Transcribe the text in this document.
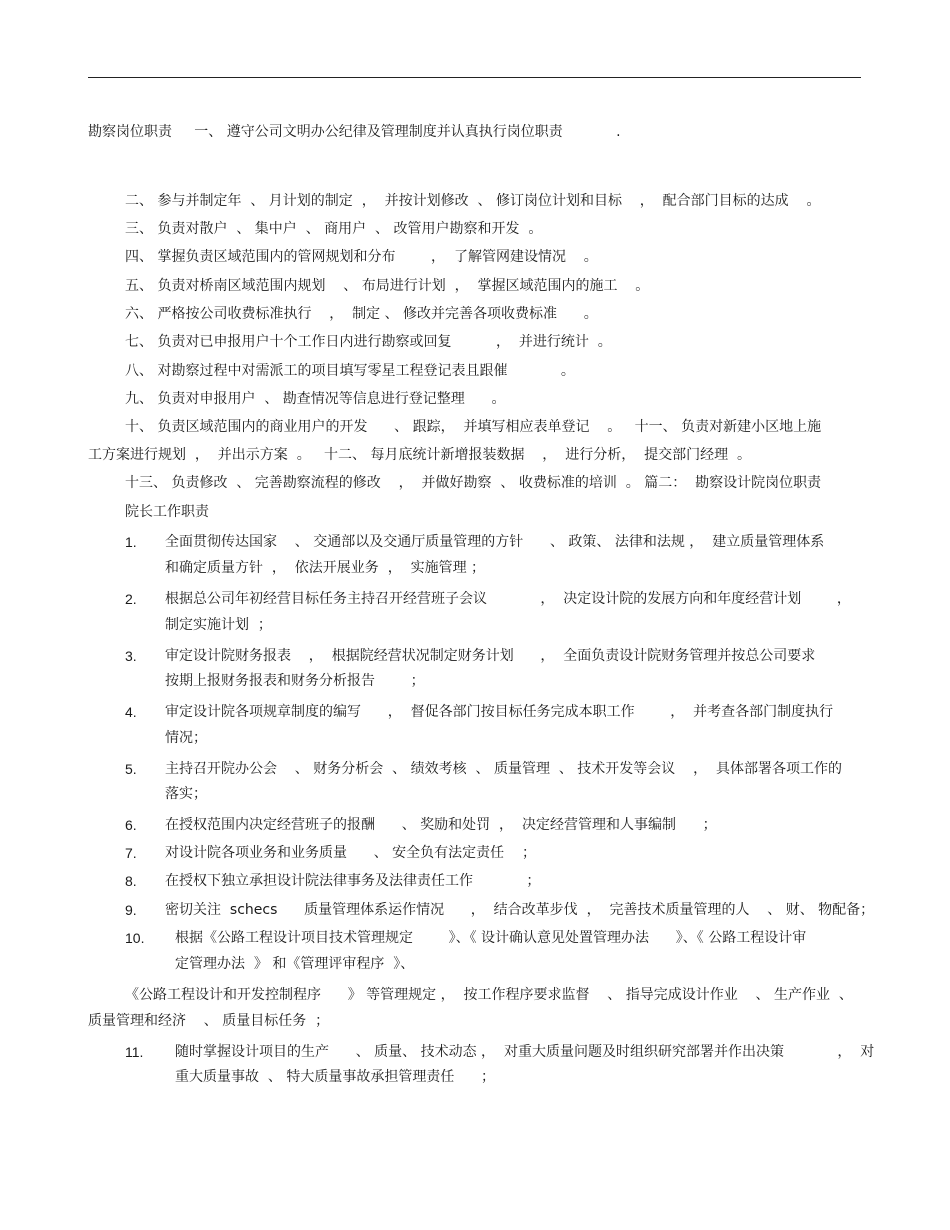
勘察岗位职责     一、 遵守公司文明办公纪律及管理制度并认真执行岗位职责            .
二、 参与并制定年  、 月计划的制定  ，  并按计划修改  、 修订岗位计划和目标    ，  配合部门目标的达成    。
三、 负责对散户  、 集中户  、 商用户  、 改管用户勘察和开发  。
四、 掌握负责区域范围内的管网规划和分布        ，  了解管网建设情况    。
五、 负责对桥南区域范围内规划    、 布局进行计划  ，  掌握区域范围内的施工    。
六、 严格按公司收费标准执行    ，  制定 、 修改并完善各项收费标准      。
七、 负责对已申报用户十个工作日内进行勘察或回复          ，  并进行统计  。
八、 对勘察过程中对需派工的项目填写零星工程登记表且跟催            。
九、 负责对申报用户  、 勘查情况等信息进行登记整理      。
十、 负责区域范围内的商业用户的开发      、 跟踪，  并填写相应表单登记    。   十一、 负责对新建小区地上施
工方案进行规划  ，  并出示方案  。   十二、 每月底统计新增报装数据    ，  进行分析，  提交部门经理  。
十三、 负责修改  、 完善勘察流程的修改    ，  并做好勘察  、 收费标准的培训  。 篇二：  勘察设计院岗位职责
院长工作职责
1. 全面贯彻传达国家    、 交通部以及交通厅质量管理的方针      、 政策、 法律和法规 ，  建立质量管理体系
和确定质量方针  ，  依法开展业务  ，  实施管理 ；
2. 根据总公司年初经营目标任务主持召开经营班子会议            ，  决定设计院的发展方向和年度经营计划        ，
制定实施计划  ；
3. 审定设计院财务报表    ，  根据院经营状况制定财务计划      ，  全面负责设计院财务管理并按总公司要求
按期上报财务报表和财务分析报告        ；
4. 审定设计院各项规章制度的编写      ，  督促各部门按目标任务完成本职工作        ，  并考查各部门制度执行
情况；
5. 主持召开院办公会    、 财务分析会  、 绩效考核  、 质量管理  、 技术开发等会议    ，  具体部署各项工作的
落实；
6. 在授权范围内决定经营班子的报酬      、 奖励和处罚  ，  决定经营管理和人事编制      ；
7. 对设计院各项业务和业务质量      、 安全负有法定责任    ；
8. 在授权下独立承担设计院法律事务及法律责任工作            ；
9. 密切关注  schecs      质量管理体系运作情况      ，  结合改革步伐  ，  完善技术质量管理的人    、 财、 物配备；
10. 根据《公路工程设计项目技术管理规定        》、《 设计确认意见处置管理办法      》、《 公路工程设计审
定管理办法  》 和《管理评审程序  》、
《公路工程设计和开发控制程序      》 等管理规定 ，  按工作程序要求监督    、 指导完成设计作业    、 生产作业  、
质量管理和经济    、 质量目标任务  ；
11. 随时掌握设计项目的生产      、 质量、 技术动态 ，  对重大质量问题及时组织研究部署并作出决策            ，  对
重大质量事故  、 特大质量事故承担管理责任      ；
